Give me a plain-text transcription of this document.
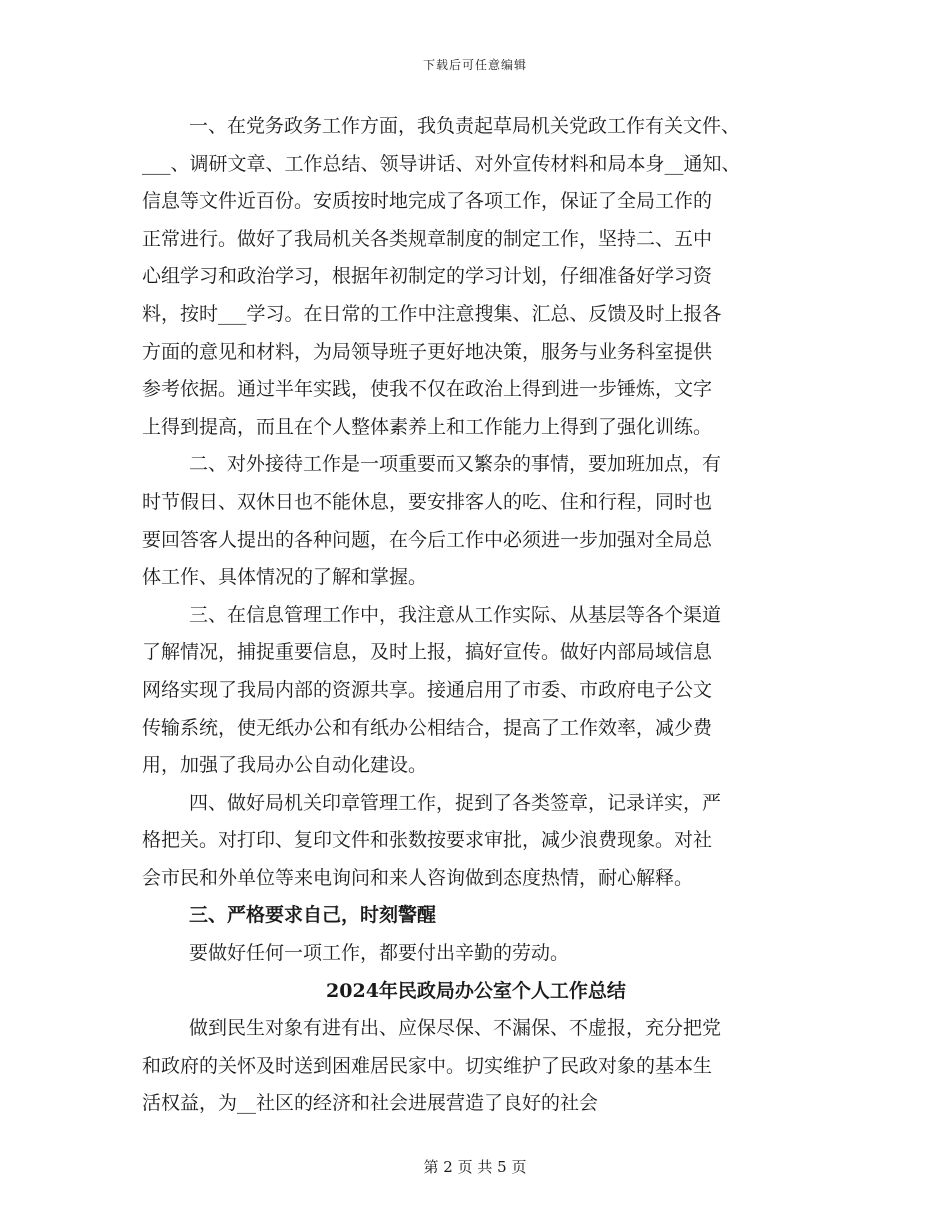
下载后可任意编辑
一、在党务政务工作方面，我负责起草局机关党政工作有关文件、
___、调研文章、工作总结、领导讲话、对外宣传材料和局本身__通知、
信息等文件近百份。安质按时地完成了各项工作，保证了全局工作的
正常进行。做好了我局机关各类规章制度的制定工作，坚持二、五中
心组学习和政治学习，根据年初制定的学习计划，仔细准备好学习资
料，按时___学习。在日常的工作中注意搜集、汇总、反馈及时上报各
方面的意见和材料，为局领导班子更好地决策，服务与业务科室提供
参考依据。通过半年实践，使我不仅在政治上得到进一步锤炼，文字
上得到提高，而且在个人整体素养上和工作能力上得到了强化训练。
二、对外接待工作是一项重要而又繁杂的事情，要加班加点，有
时节假日、双休日也不能休息，要安排客人的吃、住和行程，同时也
要回答客人提出的各种问题，在今后工作中必须进一步加强对全局总
体工作、具体情况的了解和掌握。
三、在信息管理工作中，我注意从工作实际、从基层等各个渠道
了解情况，捕捉重要信息，及时上报，搞好宣传。做好内部局域信息
网络实现了我局内部的资源共享。接通启用了市委、市政府电子公文
传输系统，使无纸办公和有纸办公相结合，提高了工作效率，减少费
用，加强了我局办公自动化建设。
四、做好局机关印章管理工作，捉到了各类签章，记录详实，严
格把关。对打印、复印文件和张数按要求审批，减少浪费现象。对社
会市民和外单位等来电询问和来人咨询做到态度热情，耐心解释。
三、严格要求自己，时刻警醒
要做好任何一项工作，都要付出辛勤的劳动。
2024年民政局办公室个人工作总结
做到民生对象有进有出、应保尽保、不漏保、不虚报，充分把党
和政府的关怀及时送到困难居民家中。切实维护了民政对象的基本生
活权益，为__社区的经济和社会进展营造了良好的社会
第 2 页 共 5 页
